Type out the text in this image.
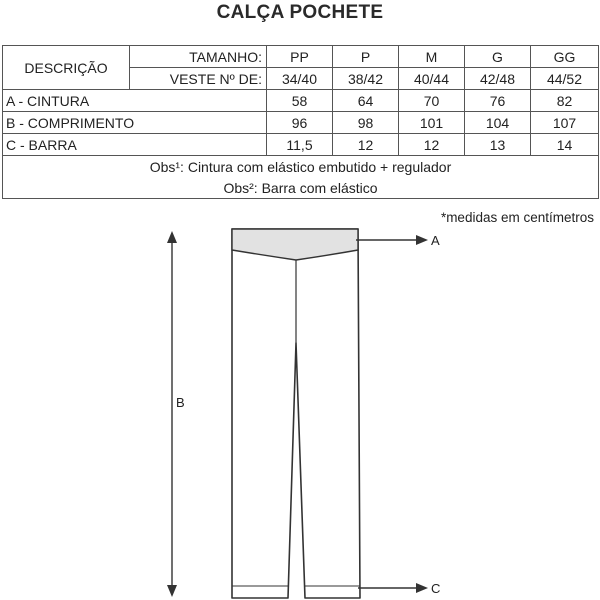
CALÇA POCHETE
DESCRIÇÃO	TAMANHO:	PP	P	M	G	GG
	VESTE Nº DE:	34/40	38/42	40/44	42/48	44/52
A - CINTURA		58	64	70	76	82
B - COMPRIMENTO		96	98	101	104	107
C - BARRA		11,5	12	12	13	14
Obs¹: Cintura com elástico embutido + regulador						
Obs²: Barra com elástico						
*medidas em centímetros
B
A
C
